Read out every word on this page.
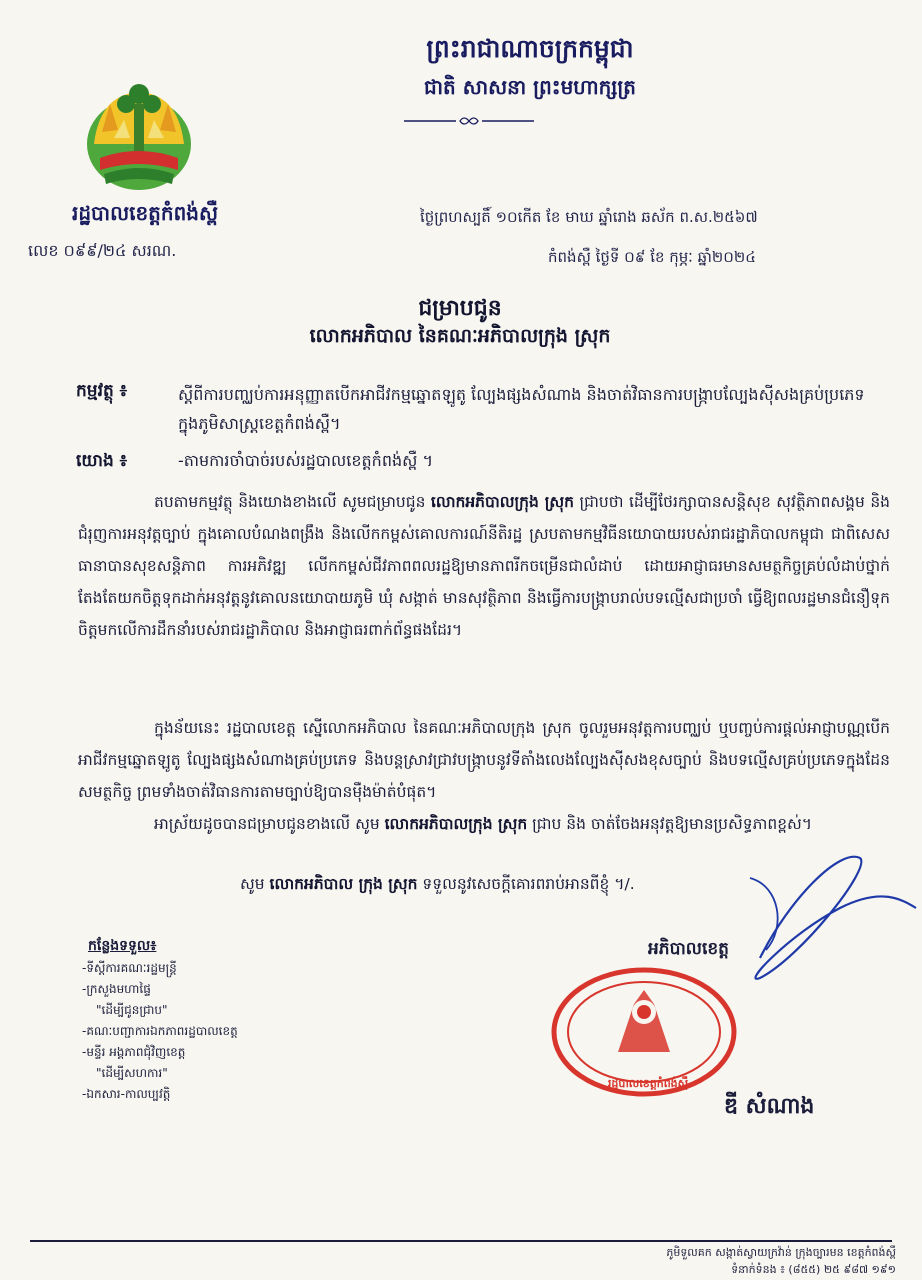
ព្រះរាជាណាចក្រកម្ពុជា
ជាតិ សាសនា ព្រះមហាក្សត្រ
រដ្ឋបាលខេត្តកំពង់ស្ពឺ
លេខ ០៩៩/២៤ សរណ.
ថ្ងៃព្រហស្បតិ៍ ១០កើត ខែ មាឃ ឆ្នាំរោង ឆស័ក ព.ស.២៥៦៧
កំពង់ស្ពឺ ថ្ងៃទី ០៩ ខែ កុម្ភៈ ឆ្នាំ២០២៤
ជម្រាបជូន
លោកអភិបាល នៃគណៈអភិបាលក្រុង ស្រុក
កម្មវត្ថុ ៖	ស្ដីពីការបញ្ឈប់ការអនុញ្ញាតបើកអាជីវកម្មឆ្នោតឡូតូ ល្បែងផ្សងសំណាង និងចាត់វិធានការបង្ក្រាបល្បែងស៊ីសងគ្រប់ប្រភេទ ក្នុងភូមិសាស្ត្រខេត្តកំពង់ស្ពឺ។
យោង ៖	-តាមការចាំបាច់របស់រដ្ឋបាលខេត្តកំពង់ស្ពឺ ។
តបតាមកម្មវត្ថុ និងយោងខាងលើ សូមជម្រាបជូន លោកអភិបាលក្រុង ស្រុក ជ្រាបថា ដើម្បីថែរក្សាបានសន្តិសុខ សុវត្ថិភាពសង្គម និងជំរុញការអនុវត្តច្បាប់ ក្នុងគោលបំណងពង្រឹង និងលើកកម្ពស់គោលការណ៍នីតិរដ្ឋ ស្របតាមកម្មវិធីនយោបាយរបស់រាជរដ្ឋាភិបាលកម្ពុជា ជាពិសេសធានាបានសុខសន្តិភាព ការអភិវឌ្ឍ លើកកម្ពស់ជីវភាពពលរដ្ឋឱ្យមានភាពរីកចម្រើនជាលំដាប់ ដោយអាជ្ញាធរមានសមត្ថកិច្ចគ្រប់លំដាប់ថ្នាក់តែងតែយកចិត្តទុកដាក់អនុវត្តនូវគោលនយោបាយភូមិ ឃុំ សង្កាត់ មានសុវត្ថិភាព និងធ្វើការបង្ក្រាបរាល់បទល្មើសជាប្រចាំ ធ្វើឱ្យពលរដ្ឋមានជំនឿទុកចិត្តមកលើការដឹកនាំរបស់រាជរដ្ឋាភិបាល និងអាជ្ញាធរពាក់ព័ន្ធផងដែរ។
ក្នុងន័យនេះ រដ្ឋបាលខេត្ត ស្នើលោកអភិបាល នៃគណៈអភិបាលក្រុង ស្រុក ចូលរួមអនុវត្តការបញ្ឈប់ ឬបញ្ចប់ការផ្ដល់អាជ្ញាបណ្ណបើកអាជីវកម្មឆ្នោតឡូតូ ល្បែងផ្សងសំណាងគ្រប់ប្រភេទ និងបន្តស្រាវជ្រាវបង្ក្រាបនូវទីតាំងលេងល្បែងស៊ីសងខុសច្បាប់ និងបទល្មើសគ្រប់ប្រភេទក្នុងដែនសមត្ថកិច្ច ព្រមទាំងចាត់វិធានការតាមច្បាប់ឱ្យបានម៉ឺងម៉ាត់បំផុត។
អាស្រ័យដូចបានជម្រាបជូនខាងលើ សូម លោកអភិបាលក្រុង ស្រុក ជ្រាប និង ចាត់ចែងអនុវត្តឱ្យមានប្រសិទ្ធភាពខ្ពស់។
សូម លោកអភិបាល ក្រុង ស្រុក ទទួលនូវសេចក្ដីគោរពរាប់អានពីខ្ញុំ ។/.
រដ្ឋបាលខេត្តកំពង់ស្ពឺ
អភិបាលខេត្ត
ឌី សំណាង
កន្លែងទទួល៖
-ទីស្ដីការគណៈរដ្ឋមន្ត្រី
-ក្រសួងមហាផ្ទៃ
"ដើម្បីជូនជ្រាប"
-គណៈបញ្ជាការឯកភាពរដ្ឋបាលខេត្ត
-មន្ទីរ អង្គភាពជុំវិញខេត្ត
"ដើម្បីសហការ"
-ឯកសារ-កាលប្បវត្តិ
ភូមិទួលគក សង្កាត់ស្វាយក្រវ៉ាន់ ក្រុងច្បារមន ខេត្តកំពង់ស្ពឺ
ទំនាក់ទំនង ៖ (៨៥៥) ២៥ ៩៨៧ ១៩១
